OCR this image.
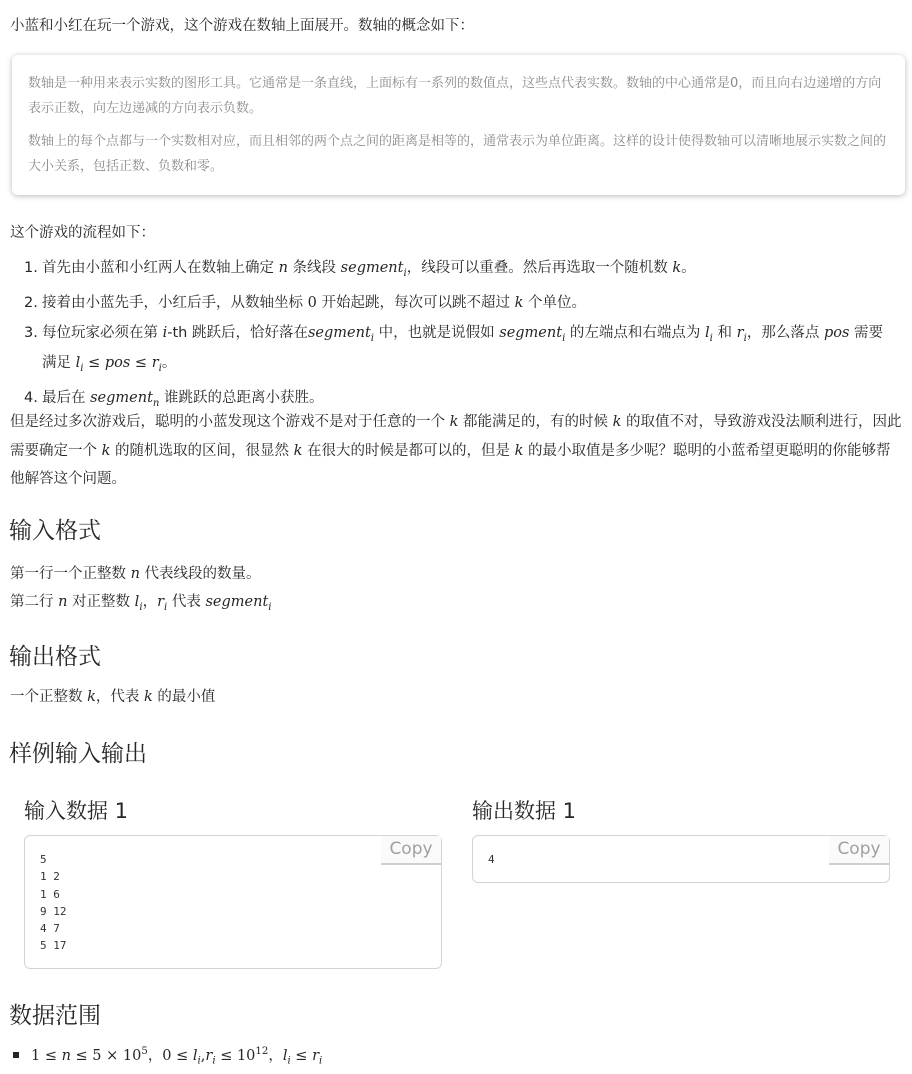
小蓝和小红在玩一个游戏，这个游戏在数轴上面展开。数轴的概念如下：

数轴是一种用来表示实数的图形工具。它通常是一条直线，上面标有一系列的数值点，这些点代表实数。数轴的中心通常是0，而且向右边递增的方向表示正数，向左边递减的方向表示负数。

数轴上的每个点都与一个实数相对应，而且相邻的两个点之间的距离是相等的，通常表示为单位距离。这样的设计使得数轴可以清晰地展示实数之间的大小关系，包括正数、负数和零。

这个游戏的流程如下：
1. 首先由小蓝和小红两人在数轴上确定 n 条线段 segment$_i$，线段可以重叠。然后再选取一个随机数 k。
2. 接着由小蓝先手，小红后手，从数轴坐标 0 开始起跳，每次可以跳不超过 k 个单位。
3. 每位玩家必须在第 i-th 跳跃后，恰好落在segment$_i$ 中，也就是说假如 segment$_i$ 的左端点和右端点为 $l_i$ 和 $r_i$，那么落点 pos 需要满足 $l_i$ ≤ pos ≤ $r_i$。
4. 最后在 segment$_n$ 谁跳跃的总距离小获胜。
但是经过多次游戏后，聪明的小蓝发现这个游戏不是对于任意的一个 k 都能满足的，有的时候 k 的取值不对，导致游戏没法顺利进行，因此需要确定一个 k 的随机选取的区间，很显然 k 在很大的时候是都可以的，但是 k 的最小取值是多少呢？聪明的小蓝希望更聪明的你能够帮他解答这个问题。
输入格式
第一行一个正整数 n 代表线段的数量。
第二行 n 对正整数 $l_i$，$r_i$ 代表 segment$_i$
输出格式
一个正整数 k，代表 k 的最小值
样例输入输出
输入数据 1
5
1 2
1 6
9 12
4 7
5 17
Copy
输出数据 1
4
Copy
数据范围
$1 \le n \le 5 \times 10^5$，$0 \le l_i,r_i \le 10^{12}$，$l_i \le r_i$
